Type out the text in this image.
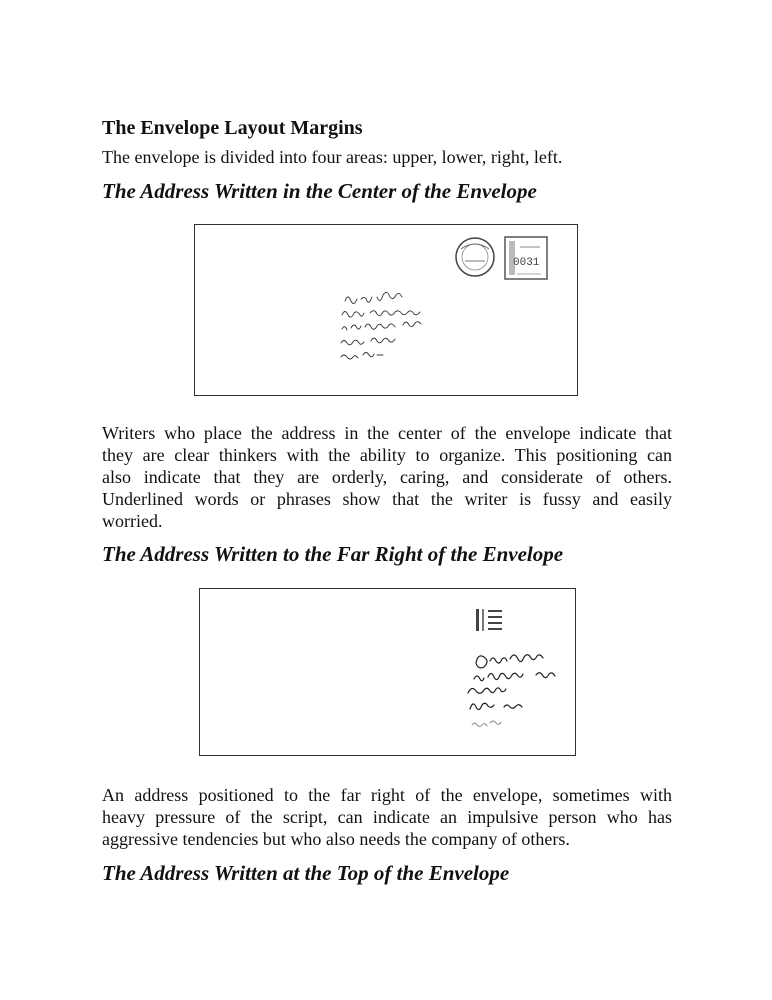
The Envelope Layout Margins
The envelope is divided into four areas: upper, lower, right, left.
The Address Written in the Center of the Envelope
0031
Writers who place the address in the center of the envelope indicate that
they are clear thinkers with the ability to organize. This positioning can
also indicate that they are orderly, caring, and considerate of others.
Underlined words or phrases show that the writer is fussy and easily
worried.
The Address Written to the Far Right of the Envelope
An address positioned to the far right of the envelope, sometimes with
heavy pressure of the script, can indicate an impulsive person who has
aggressive tendencies but who also needs the company of others.
The Address Written at the Top of the Envelope
